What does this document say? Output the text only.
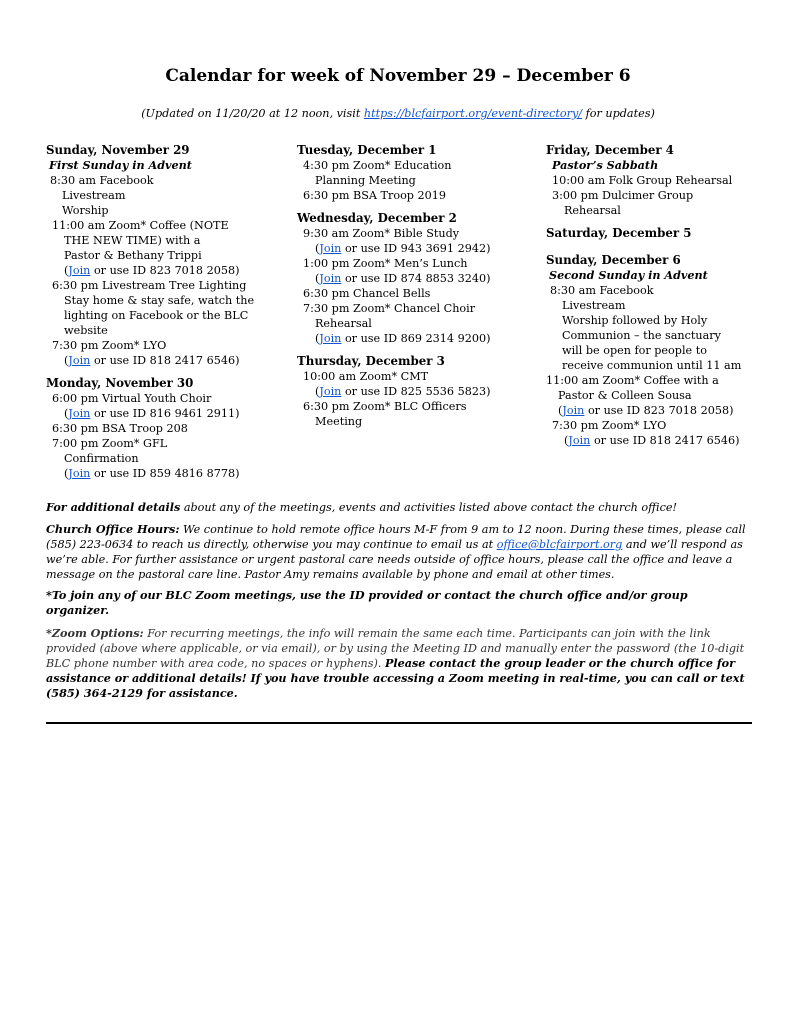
Calendar for week of November 29 – December 6
(Updated on 11/20/20 at 12 noon, visit https://blcfairport.org/event-directory/ for updates)
Sunday, November 29
First Sunday in Advent
8:30 am Facebook
Livestream
Worship
11:00 am Zoom* Coffee (NOTE
THE NEW TIME) with a
Pastor & Bethany Trippi
(Join or use ID 823 7018 2058)
6:30 pm Livestream Tree Lighting
Stay home & stay safe, watch the
lighting on Facebook or the BLC
website
7:30 pm Zoom* LYO
(Join or use ID 818 2417 6546)
Monday, November 30
6:00 pm Virtual Youth Choir
(Join or use ID 816 9461 2911)
6:30 pm BSA Troop 208
7:00 pm Zoom* GFL
Confirmation
(Join or use ID 859 4816 8778)
Tuesday, December 1
4:30 pm Zoom* Education
Planning Meeting
6:30 pm BSA Troop 2019
Wednesday, December 2
9:30 am Zoom* Bible Study
(Join or use ID 943 3691 2942)
1:00 pm Zoom* Men’s Lunch
(Join or use ID 874 8853 3240)
6:30 pm Chancel Bells
7:30 pm Zoom* Chancel Choir
Rehearsal
(Join or use ID 869 2314 9200)
Thursday, December 3
10:00 am Zoom* CMT
(Join or use ID 825 5536 5823)
6:30 pm Zoom* BLC Officers
Meeting
Friday, December 4
Pastor’s Sabbath
10:00 am Folk Group Rehearsal
3:00 pm Dulcimer Group
Rehearsal
Saturday, December 5
Sunday, December 6
Second Sunday in Advent
8:30 am Facebook
Livestream
Worship followed by Holy
Communion – the sanctuary
will be open for people to
receive communion until 11 am
11:00 am Zoom* Coffee with a
Pastor & Colleen Sousa
(Join or use ID 823 7018 2058)
7:30 pm Zoom* LYO
(Join or use ID 818 2417 6546)
For additional details about any of the meetings, events and activities listed above contact the church office!
Church Office Hours: We continue to hold remote office hours M-F from 9 am to 12 noon. During these times, please call (585) 223-0634 to reach us directly, otherwise you may continue to email us at office@blcfairport.org and we’ll respond as we’re able. For further assistance or urgent pastoral care needs outside of office hours, please call the office and leave a message on the pastoral care line. Pastor Amy remains available by phone and email at other times.
*To join any of our BLC Zoom meetings, use the ID provided or contact the church office and/or group organizer.
*Zoom Options: For recurring meetings, the info will remain the same each time. Participants can join with the link provided (above where applicable, or via email), or by using the Meeting ID and manually enter the password (the 10-digit BLC phone number with area code, no spaces or hyphens). Please contact the group leader or the church office for assistance or additional details! If you have trouble accessing a Zoom meeting in real-time, you can call or text (585) 364-2129 for assistance.
